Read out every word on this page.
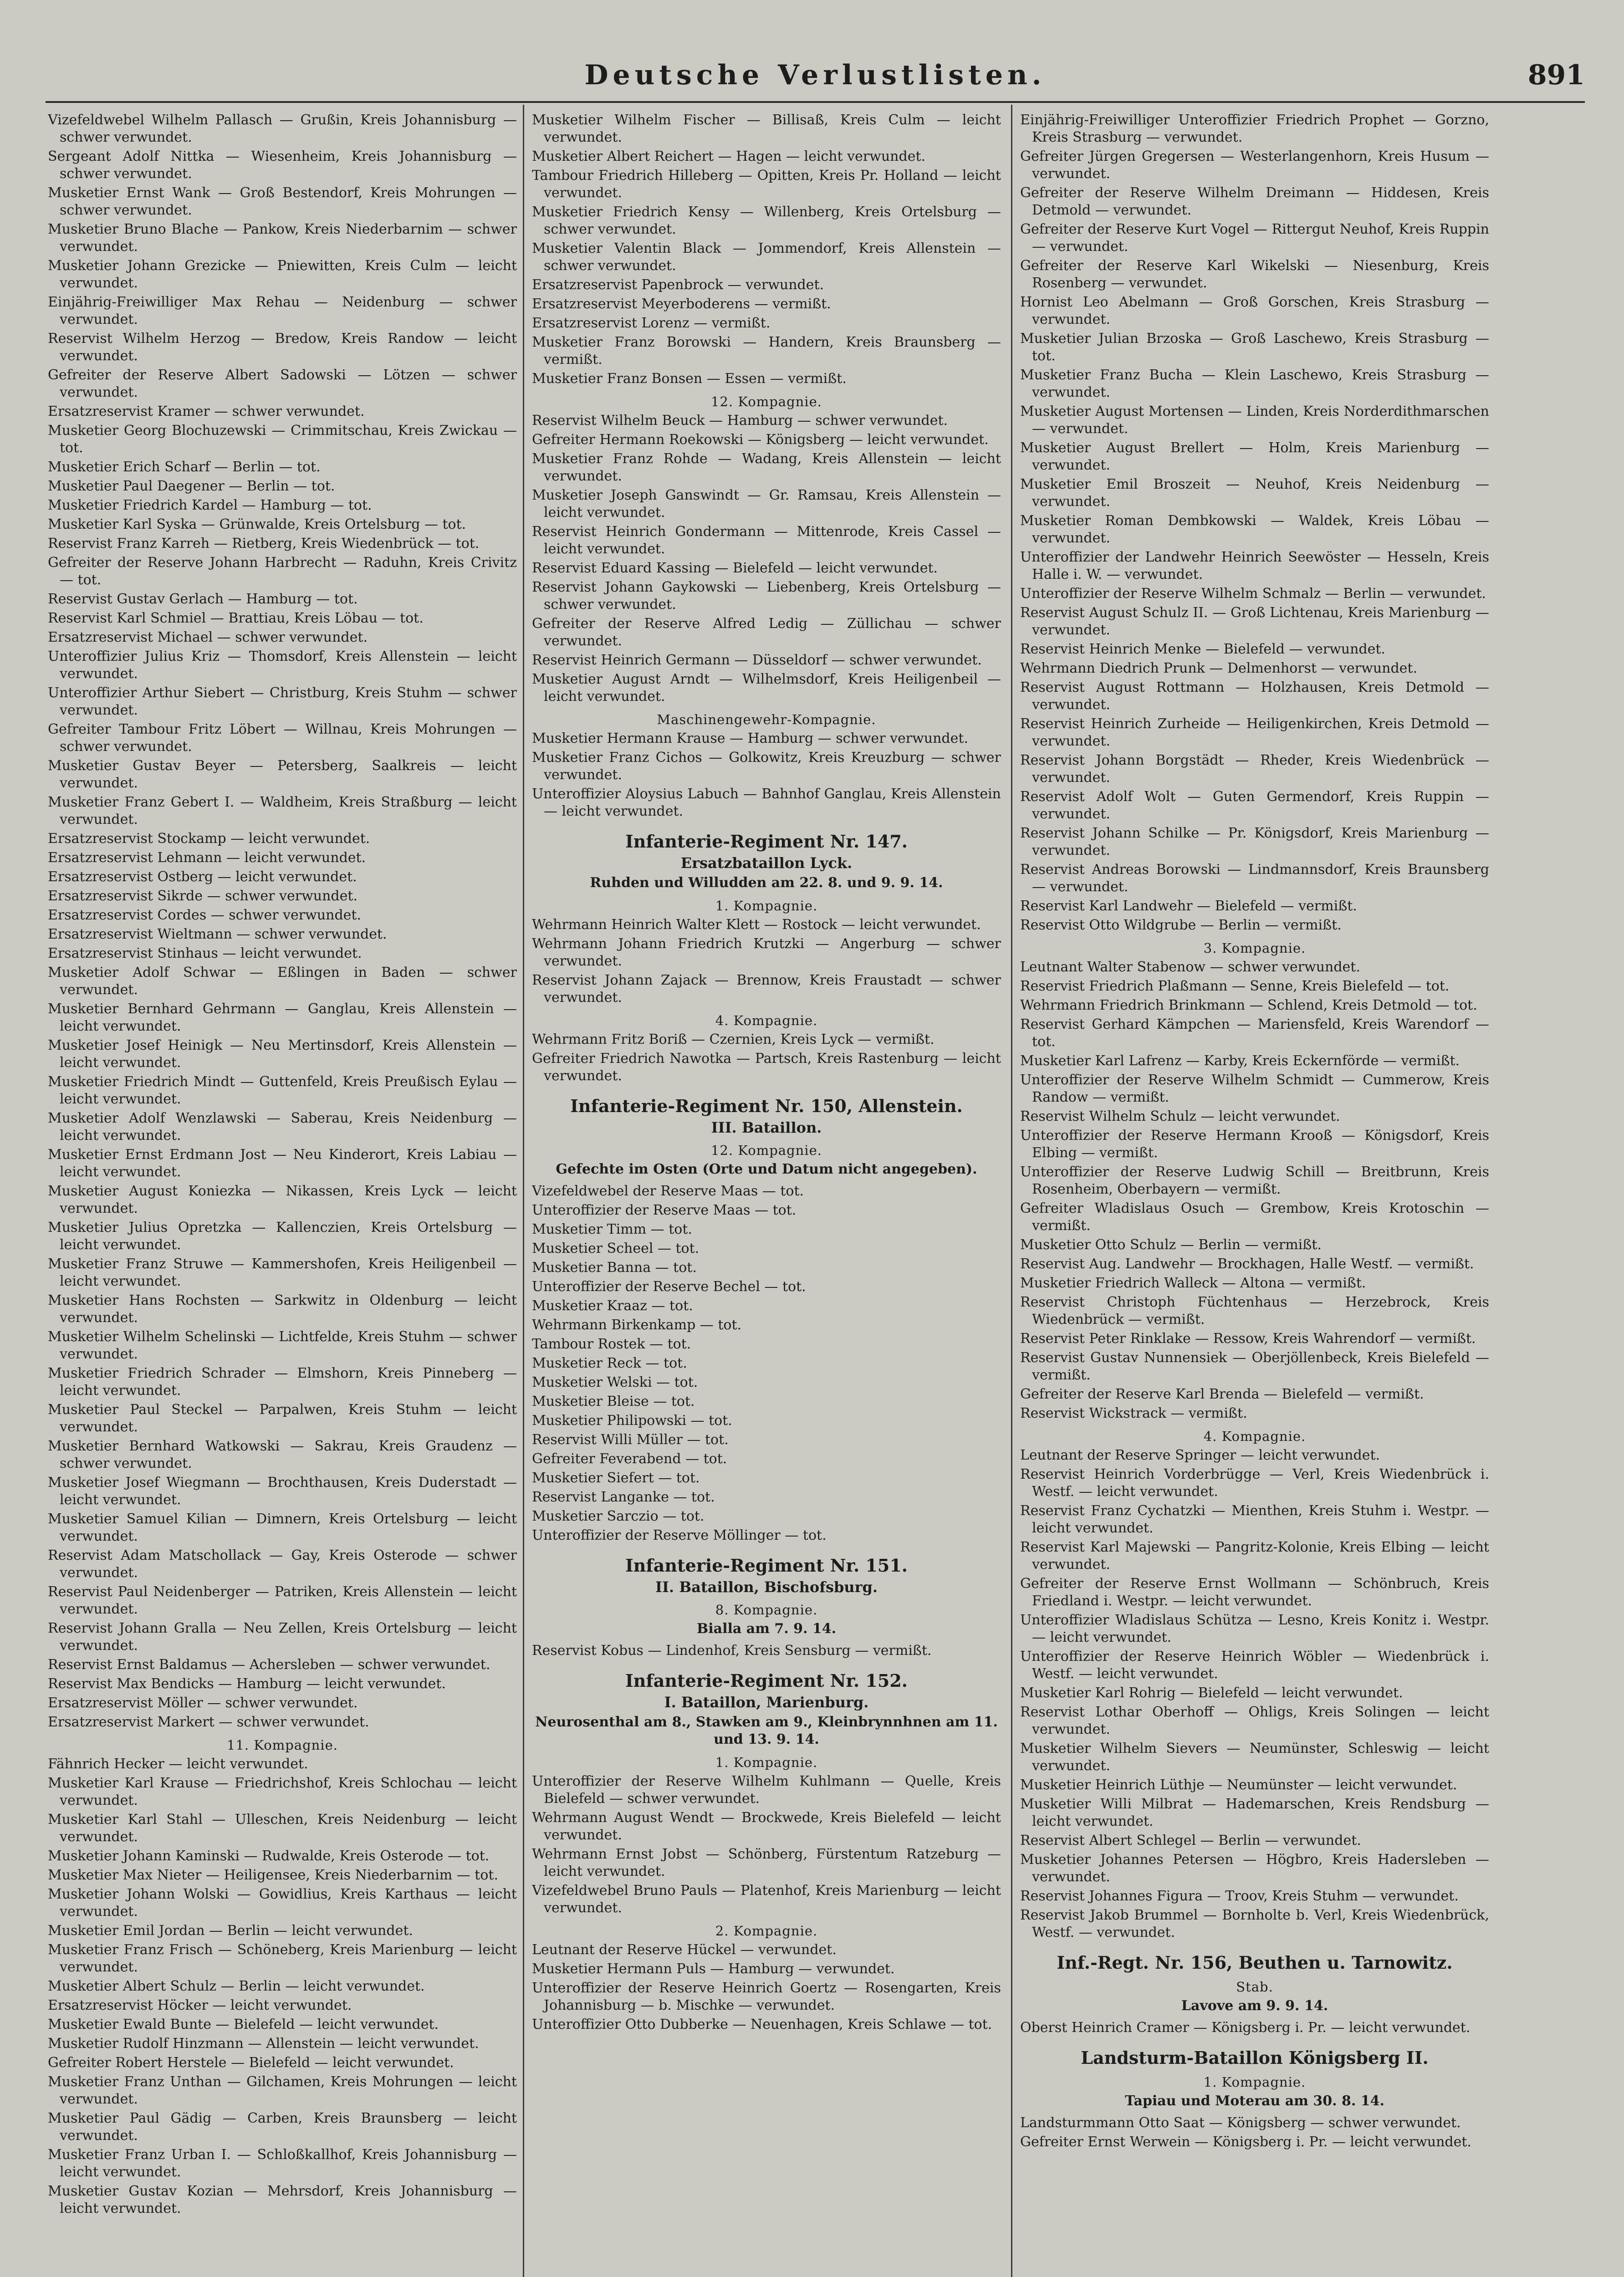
Deutsche Verlustlisten.	891
Vizefeldwebel Wilhelm Pallasch — Grußin, Kreis Johannisburg — schwer verwundet.
Sergeant Adolf Nittka — Wiesenheim, Kreis Johannisburg — schwer verwundet.
Musketier Ernst Wank — Groß Bestendorf, Kreis Mohrungen — schwer verwundet.
Musketier Bruno Blache — Pankow, Kreis Niederbarnim — schwer verwundet.
Musketier Johann Grezicke — Pniewitten, Kreis Culm — leicht verwundet.
Einjährig-Freiwilliger Max Rehau — Neidenburg — schwer verwundet.
Reservist Wilhelm Herzog — Bredow, Kreis Randow — leicht verwundet.
Gefreiter der Reserve Albert Sadowski — Lötzen — schwer verwundet.
Ersatzreservist Kramer — schwer verwundet.
Musketier Georg Blochuzewski — Crimmitschau, Kreis Zwickau — tot.
Musketier Erich Scharf — Berlin — tot.
Musketier Paul Daegener — Berlin — tot.
Musketier Friedrich Kardel — Hamburg — tot.
Musketier Karl Syska — Grünwalde, Kreis Ortelsburg — tot.
Reservist Franz Karreh — Rietberg, Kreis Wiedenbrück — tot.
Gefreiter der Reserve Johann Harbrecht — Raduhn, Kreis Crivitz — tot.
Reservist Gustav Gerlach — Hamburg — tot.
Reservist Karl Schmiel — Brattiau, Kreis Löbau — tot.
Ersatzreservist Michael — schwer verwundet.
Unteroffizier Julius Kriz — Thomsdorf, Kreis Allenstein — leicht verwundet.
Unteroffizier Arthur Siebert — Christburg, Kreis Stuhm — schwer verwundet.
Gefreiter Tambour Fritz Löbert — Willnau, Kreis Mohrungen — schwer verwundet.
Musketier Gustav Beyer — Petersberg, Saalkreis — leicht verwundet.
Musketier Franz Gebert I. — Waldheim, Kreis Straßburg — leicht verwundet.
Ersatzreservist Stockamp — leicht verwundet.
Ersatzreservist Lehmann — leicht verwundet.
Ersatzreservist Ostberg — leicht verwundet.
Ersatzreservist Sikrde — schwer verwundet.
Ersatzreservist Cordes — schwer verwundet.
Ersatzreservist Wieltmann — schwer verwundet.
Ersatzreservist Stinhaus — leicht verwundet.
Musketier Adolf Schwar — Eßlingen in Baden — schwer verwundet.
Musketier Bernhard Gehrmann — Ganglau, Kreis Allenstein — leicht verwundet.
Musketier Josef Heinigk — Neu Mertinsdorf, Kreis Allenstein — leicht verwundet.
Musketier Friedrich Mindt — Guttenfeld, Kreis Preußisch Eylau — leicht verwundet.
Musketier Adolf Wenzlawski — Saberau, Kreis Neidenburg — leicht verwundet.
Musketier Ernst Erdmann Jost — Neu Kinderort, Kreis Labiau — leicht verwundet.
Musketier August Koniezka — Nikassen, Kreis Lyck — leicht verwundet.
Musketier Julius Opretzka — Kallenczien, Kreis Ortelsburg — leicht verwundet.
Musketier Franz Struwe — Kammershofen, Kreis Heiligenbeil — leicht verwundet.
Musketier Hans Rochsten — Sarkwitz in Oldenburg — leicht verwundet.
Musketier Wilhelm Schelinski — Lichtfelde, Kreis Stuhm — schwer verwundet.
Musketier Friedrich Schrader — Elmshorn, Kreis Pinneberg — leicht verwundet.
Musketier Paul Steckel — Parpalwen, Kreis Stuhm — leicht verwundet.
Musketier Bernhard Watkowski — Sakrau, Kreis Graudenz — schwer verwundet.
Musketier Josef Wiegmann — Brochthausen, Kreis Duderstadt — leicht verwundet.
Musketier Samuel Kilian — Dimnern, Kreis Ortelsburg — leicht verwundet.
Reservist Adam Matschollack — Gay, Kreis Osterode — schwer verwundet.
Reservist Paul Neidenberger — Patriken, Kreis Allenstein — leicht verwundet.
Reservist Johann Gralla — Neu Zellen, Kreis Ortelsburg — leicht verwundet.
Reservist Ernst Baldamus — Achersleben — schwer verwundet.
Reservist Max Bendicks — Hamburg — leicht verwundet.
Ersatzreservist Möller — schwer verwundet.
Ersatzreservist Markert — schwer verwundet.
11. Kompagnie.
Fähnrich Hecker — leicht verwundet.
Musketier Karl Krause — Friedrichshof, Kreis Schlochau — leicht verwundet.
Musketier Karl Stahl — Ulleschen, Kreis Neidenburg — leicht verwundet.
Musketier Johann Kaminski — Rudwalde, Kreis Osterode — tot.
Musketier Max Nieter — Heiligensee, Kreis Niederbarnim — tot.
Musketier Johann Wolski — Gowidlius, Kreis Karthaus — leicht verwundet.
Musketier Emil Jordan — Berlin — leicht verwundet.
Musketier Franz Frisch — Schöneberg, Kreis Marienburg — leicht verwundet.
Musketier Albert Schulz — Berlin — leicht verwundet.
Ersatzreservist Höcker — leicht verwundet.
Musketier Ewald Bunte — Bielefeld — leicht verwundet.
Musketier Rudolf Hinzmann — Allenstein — leicht verwundet.
Gefreiter Robert Herstele — Bielefeld — leicht verwundet.
Musketier Franz Unthan — Gilchamen, Kreis Mohrungen — leicht verwundet.
Musketier Paul Gädig — Carben, Kreis Braunsberg — leicht verwundet.
Musketier Franz Urban I. — Schloßkallhof, Kreis Johannisburg — leicht verwundet.
Musketier Gustav Kozian — Mehrsdorf, Kreis Johannisburg — leicht verwundet.
Musketier Wilhelm Fischer — Billisaß, Kreis Culm — leicht verwundet.
Musketier Albert Reichert — Hagen — leicht verwundet.
Tambour Friedrich Hilleberg — Opitten, Kreis Pr. Holland — leicht verwundet.
Musketier Friedrich Kensy — Willenberg, Kreis Ortelsburg — schwer verwundet.
Musketier Valentin Black — Jommendorf, Kreis Allenstein — schwer verwundet.
Ersatzreservist Papenbrock — verwundet.
Ersatzreservist Meyerboderens — vermißt.
Ersatzreservist Lorenz — vermißt.
Musketier Franz Borowski — Handern, Kreis Braunsberg — vermißt.
Musketier Franz Bonsen — Essen — vermißt.
12. Kompagnie.
Reservist Wilhelm Beuck — Hamburg — schwer verwundet.
Gefreiter Hermann Roekowski — Königsberg — leicht verwundet.
Musketier Franz Rohde — Wadang, Kreis Allenstein — leicht verwundet.
Musketier Joseph Ganswindt — Gr. Ramsau, Kreis Allenstein — leicht verwundet.
Reservist Heinrich Gondermann — Mittenrode, Kreis Cassel — leicht verwundet.
Reservist Eduard Kassing — Bielefeld — leicht verwundet.
Reservist Johann Gaykowski — Liebenberg, Kreis Ortelsburg — schwer verwundet.
Gefreiter der Reserve Alfred Ledig — Züllichau — schwer verwundet.
Reservist Heinrich Germann — Düsseldorf — schwer verwundet.
Musketier August Arndt — Wilhelmsdorf, Kreis Heiligenbeil — leicht verwundet.
Maschinengewehr-Kompagnie.
Musketier Hermann Krause — Hamburg — schwer verwundet.
Musketier Franz Cichos — Golkowitz, Kreis Kreuzburg — schwer verwundet.
Unteroffizier Aloysius Labuch — Bahnhof Ganglau, Kreis Allenstein — leicht verwundet.
Infanterie-Regiment Nr. 147.
Ersatzbataillon Lyck.
Ruhden und Willudden am 22. 8. und 9. 9. 14.
1. Kompagnie.
Wehrmann Heinrich Walter Klett — Rostock — leicht verwundet.
Wehrmann Johann Friedrich Krutzki — Angerburg — schwer verwundet.
Reservist Johann Zajack — Brennow, Kreis Fraustadt — schwer verwundet.
4. Kompagnie.
Wehrmann Fritz Boriß — Czernien, Kreis Lyck — vermißt.
Gefreiter Friedrich Nawotka — Partsch, Kreis Rastenburg — leicht verwundet.
Infanterie-Regiment Nr. 150, Allenstein.
III. Bataillon.
12. Kompagnie.
Gefechte im Osten (Orte und Datum nicht angegeben).
Vizefeldwebel der Reserve Maas — tot.
Unteroffizier der Reserve Maas — tot.
Musketier Timm — tot.
Musketier Scheel — tot.
Musketier Banna — tot.
Unteroffizier der Reserve Bechel — tot.
Musketier Kraaz — tot.
Wehrmann Birkenkamp — tot.
Tambour Rostek — tot.
Musketier Reck — tot.
Musketier Welski — tot.
Musketier Bleise — tot.
Musketier Philipowski — tot.
Reservist Willi Müller — tot.
Gefreiter Feverabend — tot.
Musketier Siefert — tot.
Reservist Langanke — tot.
Musketier Sarczio — tot.
Unteroffizier der Reserve Möllinger — tot.
Infanterie-Regiment Nr. 151.
II. Bataillon, Bischofsburg.
8. Kompagnie.
Bialla am 7. 9. 14.
Reservist Kobus — Lindenhof, Kreis Sensburg — vermißt.
Infanterie-Regiment Nr. 152.
I. Bataillon, Marienburg.
Neurosenthal am 8., Stawken am 9., Kleinbrynnhnen am 11. und 13. 9. 14.
1. Kompagnie.
Unteroffizier der Reserve Wilhelm Kuhlmann — Quelle, Kreis Bielefeld — schwer verwundet.
Wehrmann August Wendt — Brockwede, Kreis Bielefeld — leicht verwundet.
Wehrmann Ernst Jobst — Schönberg, Fürstentum Ratzeburg — leicht verwundet.
Vizefeldwebel Bruno Pauls — Platenhof, Kreis Marienburg — leicht verwundet.
2. Kompagnie.
Leutnant der Reserve Hückel — verwundet.
Musketier Hermann Puls — Hamburg — verwundet.
Unteroffizier der Reserve Heinrich Goertz — Rosengarten, Kreis Johannisburg — b. Mischke — verwundet.
Unteroffizier Otto Dubberke — Neuenhagen, Kreis Schlawe — tot.
Einjährig-Freiwilliger Unteroffizier Friedrich Prophet — Gorzno, Kreis Strasburg — verwundet.
Gefreiter Jürgen Gregersen — Westerlangenhorn, Kreis Husum — verwundet.
Gefreiter der Reserve Wilhelm Dreimann — Hiddesen, Kreis Detmold — verwundet.
Gefreiter der Reserve Kurt Vogel — Rittergut Neuhof, Kreis Ruppin — verwundet.
Gefreiter der Reserve Karl Wikelski — Niesenburg, Kreis Rosenberg — verwundet.
Hornist Leo Abelmann — Groß Gorschen, Kreis Strasburg — verwundet.
Musketier Julian Brzoska — Groß Laschewo, Kreis Strasburg — tot.
Musketier Franz Bucha — Klein Laschewo, Kreis Strasburg — verwundet.
Musketier August Mortensen — Linden, Kreis Norderdithmarschen — verwundet.
Musketier August Brellert — Holm, Kreis Marienburg — verwundet.
Musketier Emil Broszeit — Neuhof, Kreis Neidenburg — verwundet.
Musketier Roman Dembkowski — Waldek, Kreis Löbau — verwundet.
Unteroffizier der Landwehr Heinrich Seewöster — Hesseln, Kreis Halle i. W. — verwundet.
Unteroffizier der Reserve Wilhelm Schmalz — Berlin — verwundet.
Reservist August Schulz II. — Groß Lichtenau, Kreis Marienburg — verwundet.
Reservist Heinrich Menke — Bielefeld — verwundet.
Wehrmann Diedrich Prunk — Delmenhorst — verwundet.
Reservist August Rottmann — Holzhausen, Kreis Detmold — verwundet.
Reservist Heinrich Zurheide — Heiligenkirchen, Kreis Detmold — verwundet.
Reservist Johann Borgstädt — Rheder, Kreis Wiedenbrück — verwundet.
Reservist Adolf Wolt — Guten Germendorf, Kreis Ruppin — verwundet.
Reservist Johann Schilke — Pr. Königsdorf, Kreis Marienburg — verwundet.
Reservist Andreas Borowski — Lindmannsdorf, Kreis Braunsberg — verwundet.
Reservist Karl Landwehr — Bielefeld — vermißt.
Reservist Otto Wildgrube — Berlin — vermißt.
3. Kompagnie.
Leutnant Walter Stabenow — schwer verwundet.
Reservist Friedrich Plaßmann — Senne, Kreis Bielefeld — tot.
Wehrmann Friedrich Brinkmann — Schlend, Kreis Detmold — tot.
Reservist Gerhard Kämpchen — Mariensfeld, Kreis Warendorf — tot.
Musketier Karl Lafrenz — Karby, Kreis Eckernförde — vermißt.
Unteroffizier der Reserve Wilhelm Schmidt — Cummerow, Kreis Randow — vermißt.
Reservist Wilhelm Schulz — leicht verwundet.
Unteroffizier der Reserve Hermann Krooß — Königsdorf, Kreis Elbing — vermißt.
Unteroffizier der Reserve Ludwig Schill — Breitbrunn, Kreis Rosenheim, Oberbayern — vermißt.
Gefreiter Wladislaus Osuch — Grembow, Kreis Krotoschin — vermißt.
Musketier Otto Schulz — Berlin — vermißt.
Reservist Aug. Landwehr — Brockhagen, Halle Westf. — vermißt.
Musketier Friedrich Walleck — Altona — vermißt.
Reservist Christoph Füchtenhaus — Herzebrock, Kreis Wiedenbrück — vermißt.
Reservist Peter Rinklake — Ressow, Kreis Wahrendorf — vermißt.
Reservist Gustav Nunnensiek — Oberjöllenbeck, Kreis Bielefeld — vermißt.
Gefreiter der Reserve Karl Brenda — Bielefeld — vermißt.
Reservist Wickstrack — vermißt.
4. Kompagnie.
Leutnant der Reserve Springer — leicht verwundet.
Reservist Heinrich Vorderbrügge — Verl, Kreis Wiedenbrück i. Westf. — leicht verwundet.
Reservist Franz Cychatzki — Mienthen, Kreis Stuhm i. Westpr. — leicht verwundet.
Reservist Karl Majewski — Pangritz-Kolonie, Kreis Elbing — leicht verwundet.
Gefreiter der Reserve Ernst Wollmann — Schönbruch, Kreis Friedland i. Westpr. — leicht verwundet.
Unteroffizier Wladislaus Schütza — Lesno, Kreis Konitz i. Westpr. — leicht verwundet.
Unteroffizier der Reserve Heinrich Wöbler — Wiedenbrück i. Westf. — leicht verwundet.
Musketier Karl Rohrig — Bielefeld — leicht verwundet.
Reservist Lothar Oberhoff — Ohligs, Kreis Solingen — leicht verwundet.
Musketier Wilhelm Sievers — Neumünster, Schleswig — leicht verwundet.
Musketier Heinrich Lüthje — Neumünster — leicht verwundet.
Musketier Willi Milbrat — Hademarschen, Kreis Rendsburg — leicht verwundet.
Reservist Albert Schlegel — Berlin — verwundet.
Musketier Johannes Petersen — Högbro, Kreis Hadersleben — verwundet.
Reservist Johannes Figura — Troov, Kreis Stuhm — verwundet.
Reservist Jakob Brummel — Bornholte b. Verl, Kreis Wiedenbrück, Westf. — verwundet.
Inf.-Regt. Nr. 156, Beuthen u. Tarnowitz.
Stab.
Lavove am 9. 9. 14.
Oberst Heinrich Cramer — Königsberg i. Pr. — leicht verwundet.
Landsturm-Bataillon Königsberg II.
1. Kompagnie.
Tapiau und Moterau am 30. 8. 14.
Landsturmmann Otto Saat — Königsberg — schwer verwundet.
Gefreiter Ernst Werwein — Königsberg i. Pr. — leicht verwundet.
